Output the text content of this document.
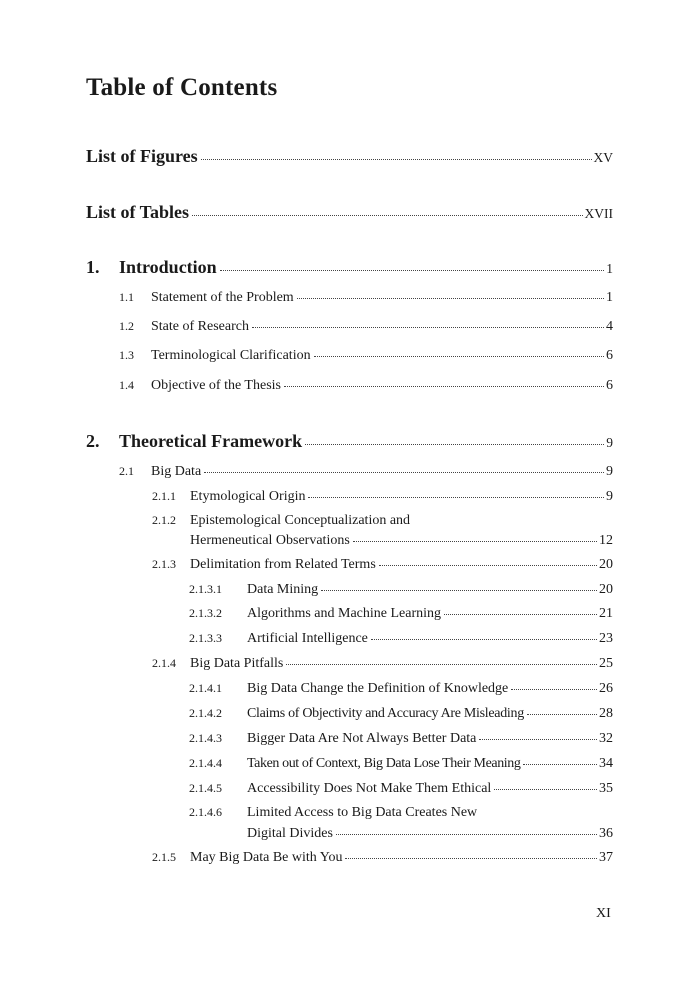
Table of Contents
List of Figures	XV
List of Tables	XVII
1.	Introduction	1
1.1	Statement of the Problem	1
1.2	State of Research	4
1.3	Terminological Clarification	6
1.4	Objective of the Thesis	6
2.	Theoretical Framework	9
2.1	Big Data	9
2.1.1	Etymological Origin	9
2.1.2	Epistemological Conceptualization and
Hermeneutical Observations	12
2.1.3	Delimitation from Related Terms	20
2.1.3.1	Data Mining	20
2.1.3.2	Algorithms and Machine Learning	21
2.1.3.3	Artificial Intelligence	23
2.1.4	Big Data Pitfalls	25
2.1.4.1	Big Data Change the Definition of Knowledge	26
2.1.4.2	Claims of Objectivity and Accuracy Are Misleading	28
2.1.4.3	Bigger Data Are Not Always Better Data	32
2.1.4.4	Taken out of Context, Big Data Lose Their Meaning	34
2.1.4.5	Accessibility Does Not Make Them Ethical	35
2.1.4.6	Limited Access to Big Data Creates New
Digital Divides	36
2.1.5	May Big Data Be with You	37
XI
